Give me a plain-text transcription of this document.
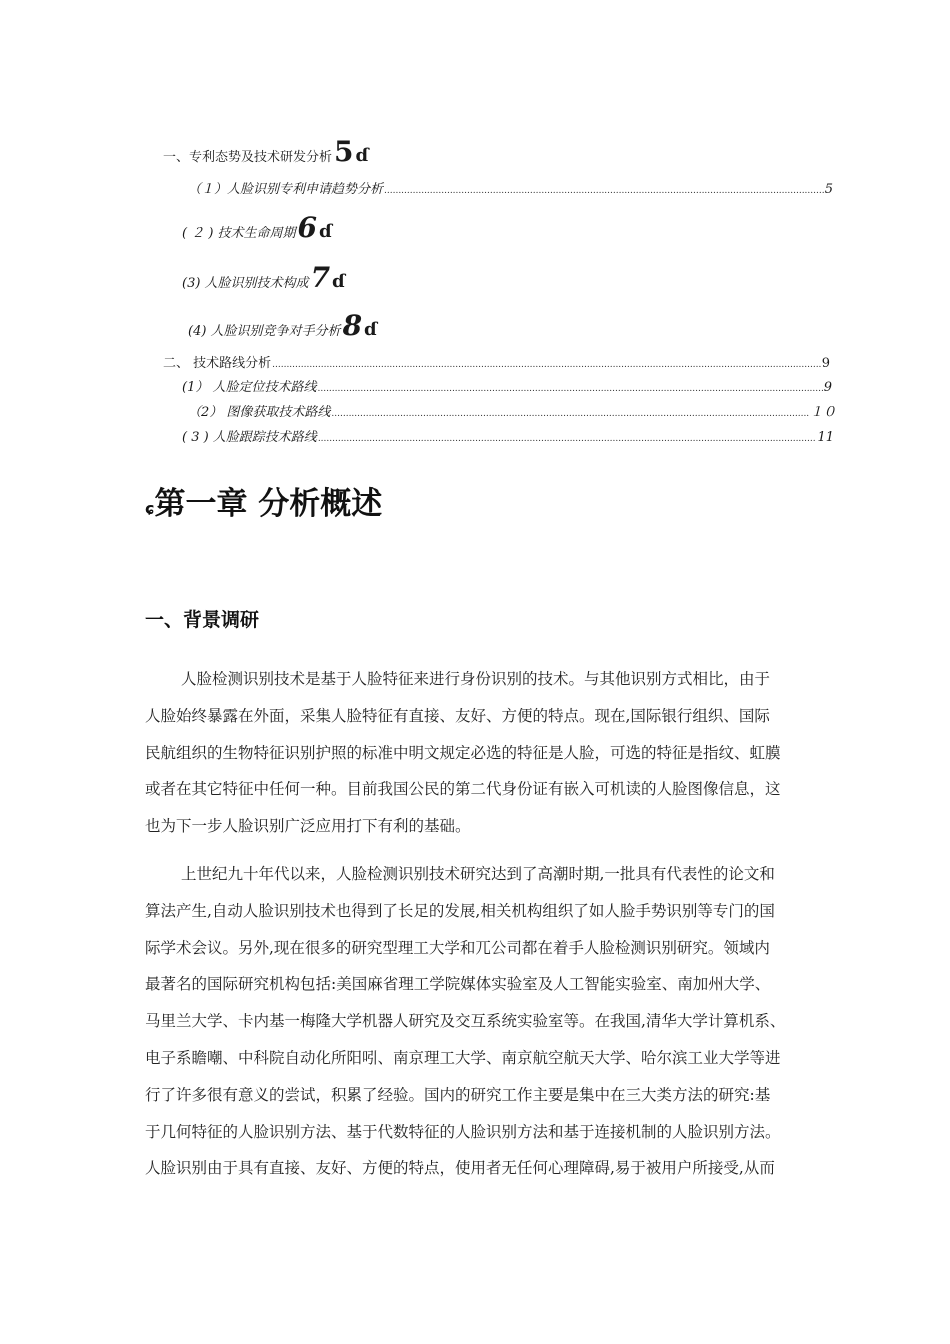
一、专利态势及技术研发分析 5 ɗ
（１）人脸识别专利申请趋势分析 .....	5
( ２ ) 技术生命周期 6 ɗ
(3) 人脸识别技术构成 7 ɗ
(4) 人脸识别竞争对手分析 8 ɗ
二、 技术路线分析 .....	9
(1） 人脸定位技术路线 .....	9
（2） 图像获取技术路线 .....	１０
( 3 ) 人脸跟踪技术路线 .....	11
ɕ 第一章 分析概述
一、背景调研
人脸检测识别技术是基于人脸特征来进行身份识别的技术。与其他识别方式相比，由于
人脸始终暴露在外面，采集人脸特征有直接、友好、方便的特点。现在,国际银行组织、国际
民航组织的生物特征识别护照的标准中明文规定必选的特征是人脸，可选的特征是指纹、虹膜
或者在其它特征中任何一种。目前我国公民的第二代身份证有嵌入可机读的人脸图像信息，这
也为下一步人脸识别广泛应用打下有利的基础。
上世纪九十年代以来，人脸检测识别技术研究达到了高潮时期,一批具有代表性的论文和
算法产生,自动人脸识别技术也得到了长足的发展,相关机构组织了如人脸手势识别等专门的国
际学术会议。另外,现在很多的研究型理工大学和兀公司都在着手人脸检测识别研究。领域内
最著名的国际研究机构包括:美国麻省理工学院媒体实验室及人工智能实验室、南加州大学、
马里兰大学、卡内基一梅隆大学机器人研究及交互系统实验室等。在我国,清华大学计算机系、
电子系瞻嘲、中科院自动化所阳吲、南京理工大学、南京航空航天大学、哈尔滨工业大学等进
行了许多很有意义的尝试，积累了经验。国内的研究工作主要是集中在三大类方法的研究:基
于几何特征的人脸识别方法、基于代数特征的人脸识别方法和基于连接机制的人脸识别方法。
人脸识别由于具有直接、友好、方便的特点，使用者无任何心理障碍,易于被用户所接受,从而
